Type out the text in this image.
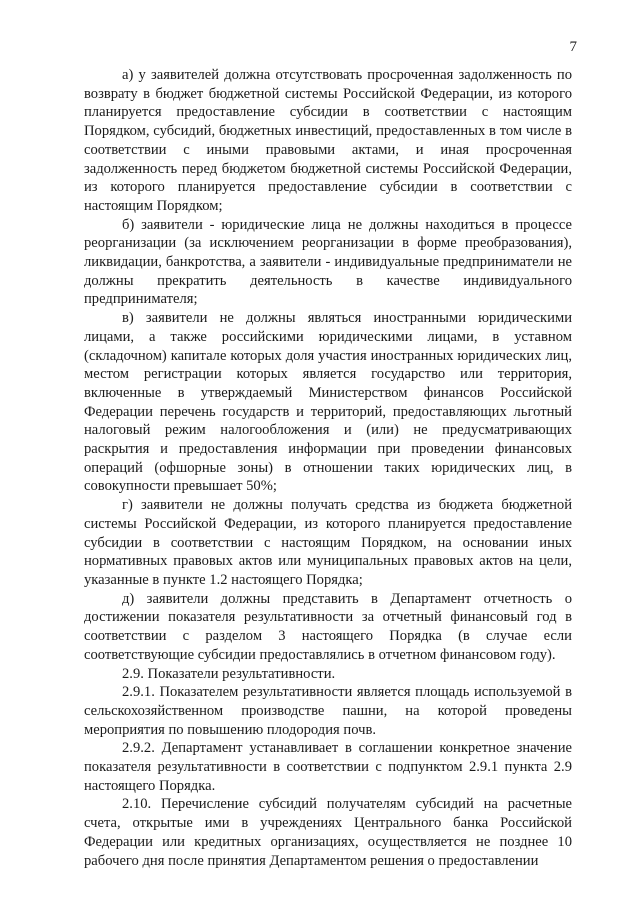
7

а) у заявителей должна отсутствовать просроченная задолженность по возврату в бюджет бюджетной системы Российской Федерации, из которого планируется предоставление субсидии в соответствии с настоящим Порядком, субсидий, бюджетных инвестиций, предоставленных в том числе в соответствии с иными правовыми актами, и иная просроченная задолженность перед бюджетом бюджетной системы Российской Федерации, из которого планируется предоставление субсидии в соответствии с настоящим Порядком;

б) заявители - юридические лица не должны находиться в процессе реорганизации (за исключением реорганизации в форме преобразования), ликвидации, банкротства, а заявители - индивидуальные предприниматели не должны прекратить деятельность в качестве индивидуального предпринимателя;

в) заявители не должны являться иностранными юридическими лицами, а также российскими юридическими лицами, в уставном (складочном) капитале которых доля участия иностранных юридических лиц, местом регистрации которых является государство или территория, включенные в утверждаемый Министерством финансов Российской Федерации перечень государств и территорий, предоставляющих льготный налоговый режим налогообложения и (или) не предусматривающих раскрытия и предоставления информации при проведении финансовых операций (офшорные зоны) в отношении таких юридических лиц, в совокупности превышает 50%;

г) заявители не должны получать средства из бюджета бюджетной системы Российской Федерации, из которого планируется предоставление субсидии в соответствии с настоящим Порядком, на основании иных нормативных правовых актов или муниципальных правовых актов на цели, указанные в пункте 1.2 настоящего Порядка;

д) заявители должны представить в Департамент отчетность о достижении показателя результативности за отчетный финансовый год в соответствии с разделом 3 настоящего Порядка (в случае если соответствующие субсидии предоставлялись в отчетном финансовом году).

2.9. Показатели результативности.

2.9.1. Показателем результативности является площадь используемой в сельскохозяйственном производстве пашни, на которой проведены мероприятия по повышению плодородия почв.

2.9.2. Департамент устанавливает в соглашении конкретное значение показателя результативности в соответствии с подпунктом 2.9.1 пункта 2.9 настоящего Порядка.

2.10. Перечисление субсидий получателям субсидий на расчетные счета, открытые ими в учреждениях Центрального банка Российской Федерации или кредитных организациях, осуществляется не позднее 10 рабочего дня после принятия Департаментом решения о предоставлении
